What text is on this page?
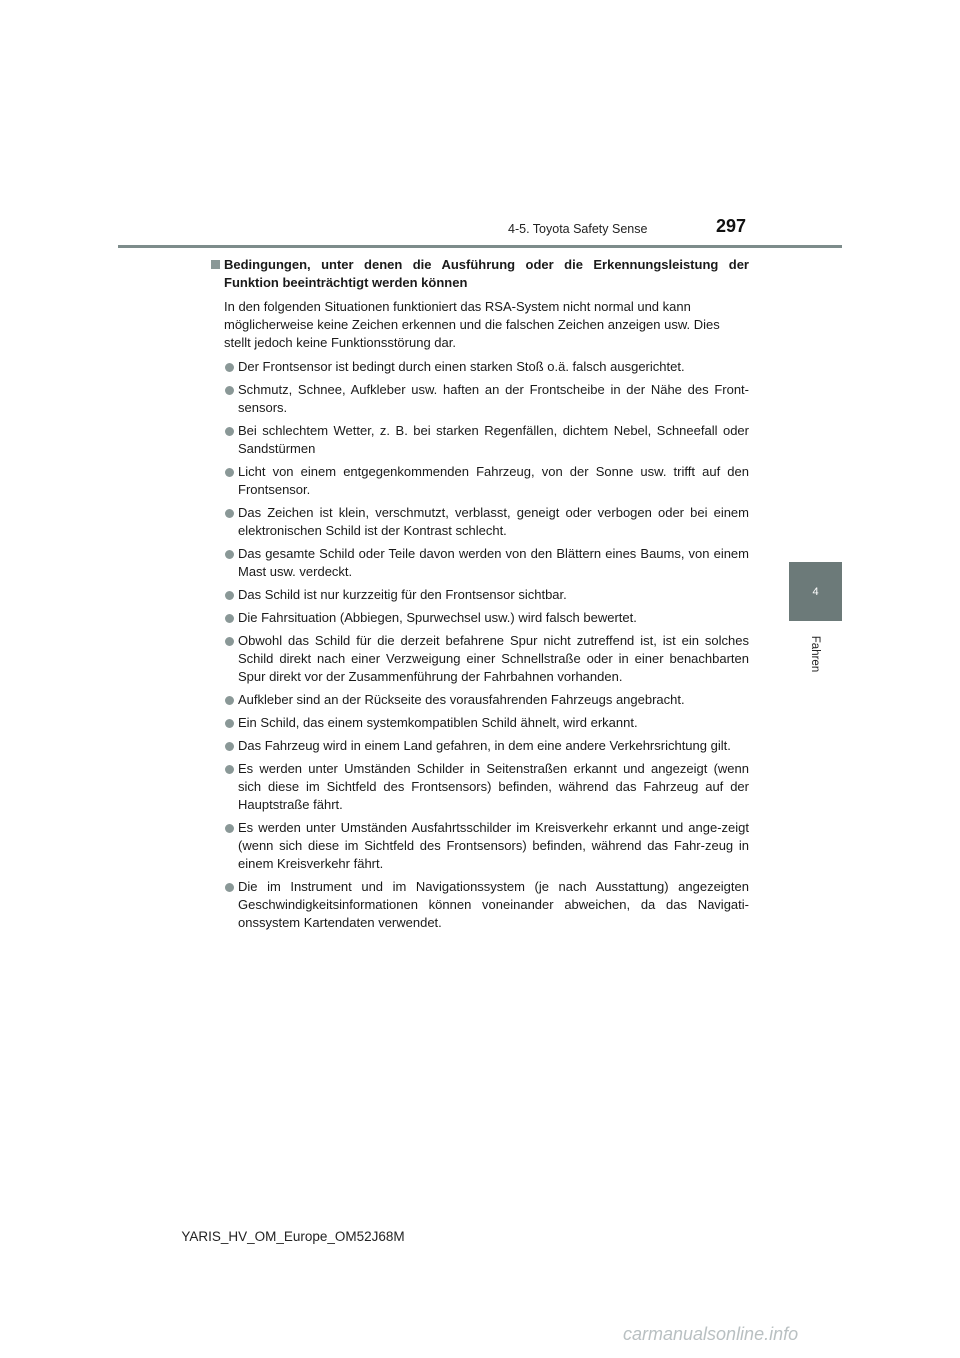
4-5. Toyota Safety Sense	297
4
Fahren
Bedingungen, unter denen die Ausführung oder die Erkennungsleistung der Funktion beeinträchtigt werden können
In den folgenden Situationen funktioniert das RSA-System nicht normal und kann möglicherweise keine Zeichen erkennen und die falschen Zeichen anzeigen usw. Dies stellt jedoch keine Funktionsstörung dar.
Der Frontsensor ist bedingt durch einen starken Stoß o.ä. falsch ausgerichtet.
Schmutz, Schnee, Aufkleber usw. haften an der Frontscheibe in der Nähe des Front-sensors.
Bei schlechtem Wetter, z. B. bei starken Regenfällen, dichtem Nebel, Schneefall oder Sandstürmen
Licht von einem entgegenkommenden Fahrzeug, von der Sonne usw. trifft auf den Frontsensor.
Das Zeichen ist klein, verschmutzt, verblasst, geneigt oder verbogen oder bei einem elektronischen Schild ist der Kontrast schlecht.
Das gesamte Schild oder Teile davon werden von den Blättern eines Baums, von einem Mast usw. verdeckt.
Das Schild ist nur kurzzeitig für den Frontsensor sichtbar.
Die Fahrsituation (Abbiegen, Spurwechsel usw.) wird falsch bewertet.
Obwohl das Schild für die derzeit befahrene Spur nicht zutreffend ist, ist ein solches Schild direkt nach einer Verzweigung einer Schnellstraße oder in einer benachbarten Spur direkt vor der Zusammenführung der Fahrbahnen vorhanden.
Aufkleber sind an der Rückseite des vorausfahrenden Fahrzeugs angebracht.
Ein Schild, das einem systemkompatiblen Schild ähnelt, wird erkannt.
Das Fahrzeug wird in einem Land gefahren, in dem eine andere Verkehrsrichtung gilt.
Es werden unter Umständen Schilder in Seitenstraßen erkannt und angezeigt (wenn sich diese im Sichtfeld des Frontsensors) befinden, während das Fahrzeug auf der Hauptstraße fährt.
Es werden unter Umständen Ausfahrtsschilder im Kreisverkehr erkannt und ange-zeigt (wenn sich diese im Sichtfeld des Frontsensors) befinden, während das Fahr-zeug in einem Kreisverkehr fährt.
Die im Instrument und im Navigationssystem (je nach Ausstattung) angezeigten Geschwindigkeitsinformationen können voneinander abweichen, da das Navigati-onssystem Kartendaten verwendet.
YARIS_HV_OM_Europe_OM52J68M
carmanualsonline.info
